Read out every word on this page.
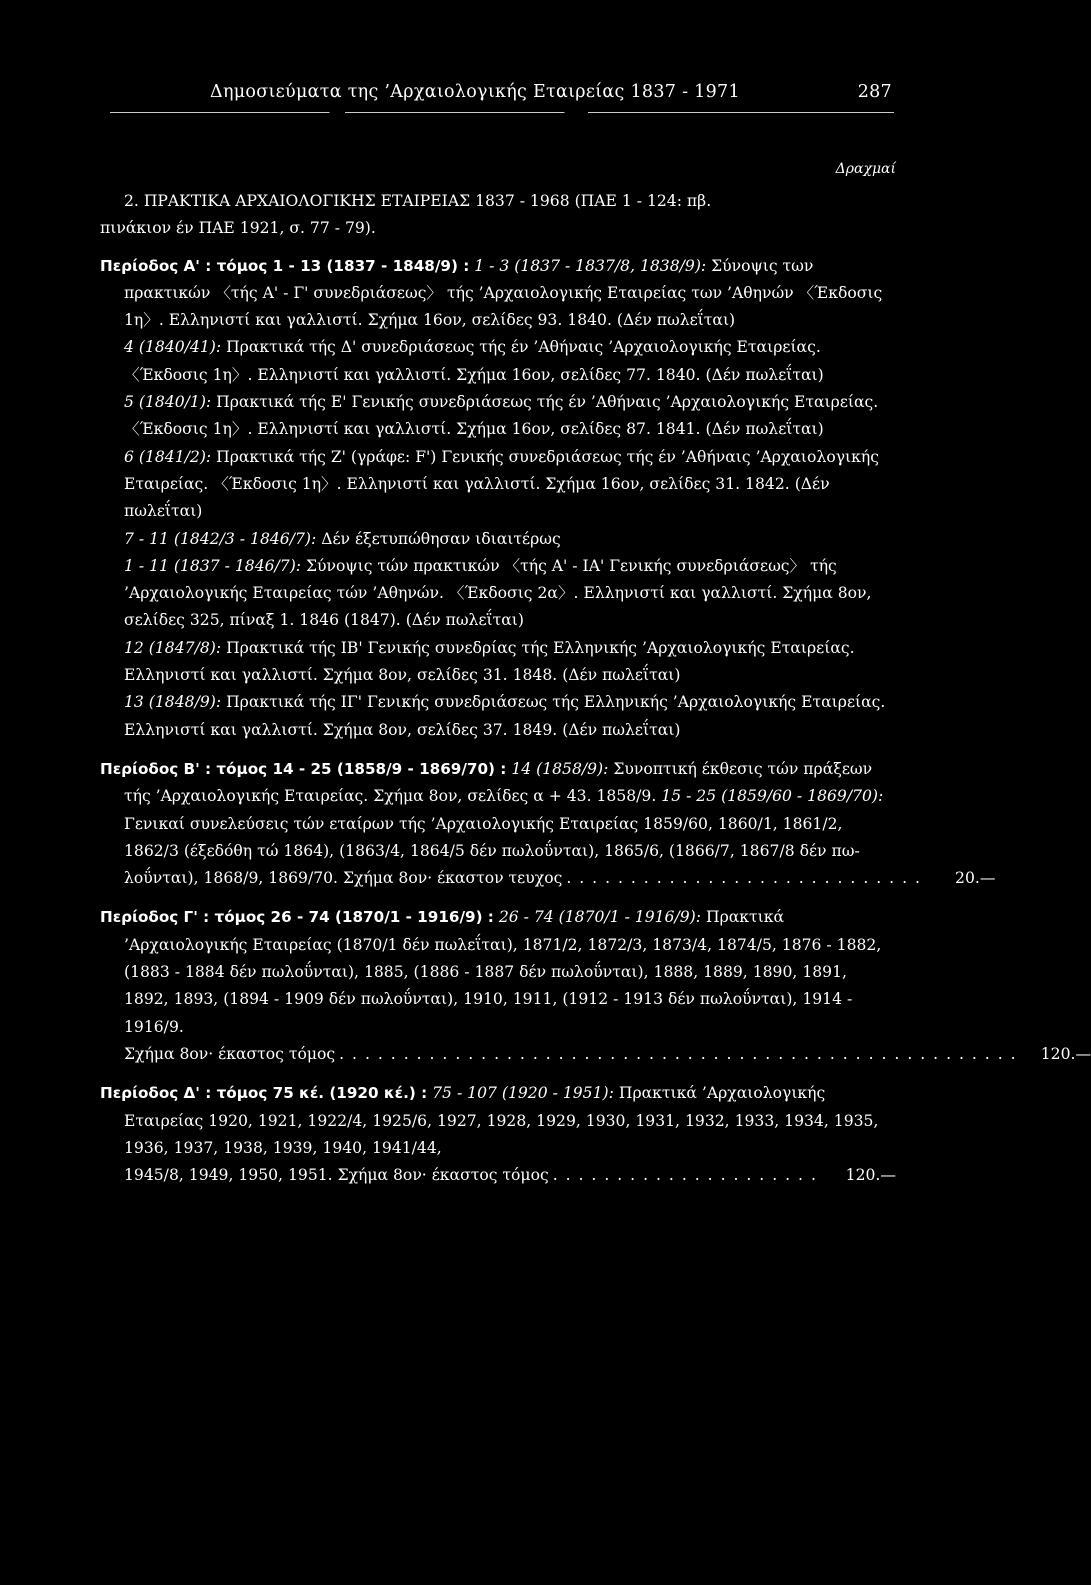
Δημοσιεύματα της ’Αρχαιολογικής Εταιρείας 1837 - 1971	287
Δραχμαί
2. ΠΡΑΚΤΙΚΑ ΑΡΧΑΙΟΛΟΓΙΚΗΣ ΕΤΑΙΡΕΙΑΣ 1837 - 1968 (ΠΑΕ 1 - 124: πβ.
πινάκιον έν ΠΑΕ 1921, σ. 77 - 79).
Περίοδος Α' : τόμος 1 - 13 (1837 - 1848/9) : 1 - 3 (1837 - 1837/8, 1838/9): Σύνοψις των πρακτικών 〈τής Α' - Γ' συνεδριάσεως〉 τής ’Αρχαιολογικής Εταιρείας των ’Αθηνών 〈Έκδοσις 1η〉. Ελληνιστί και γαλλιστί. Σχήμα 16ον, σελίδες 93. 1840. (Δέν πωλεΐται)
4 (1840/41): Πρακτικά τής Δ' συνεδριάσεως τής έν ’Αθήναις ’Αρχαιολογικής Εταιρείας. 〈Έκδοσις 1η〉. Ελληνιστί και γαλλιστί. Σχήμα 16ον, σελίδες 77. 1840. (Δέν πωλεΐται)
5 (1840/1): Πρακτικά τής Ε' Γενικής συνεδριάσεως τής έν ’Αθήναις ’Αρχαιολογικής Εταιρείας. 〈Έκδοσις 1η〉. Ελληνιστί και γαλλιστί. Σχήμα 16ον, σελίδες 87. 1841. (Δέν πωλεΐται)
6 (1841/2): Πρακτικά τής Ζ' (γράφε: F') Γενικής συνεδριάσεως τής έν ’Αθήναις ’Αρχαιολογικής Εταιρείας. 〈Έκδοσις 1η〉. Ελληνιστί και γαλλιστί. Σχήμα 16ον, σελίδες 31. 1842. (Δέν πωλεΐται)
7 - 11 (1842/3 - 1846/7): Δέν έξετυπώθησαν ιδιαιτέρως
1 - 11 (1837 - 1846/7): Σύνοψις τών πρακτικών 〈τής Α' - ΙΑ' Γενικής συνεδριάσεως〉 τής ’Αρχαιολογικής Εταιρείας τών ’Αθηνών. 〈Έκδοσις 2α〉. Ελληνιστί και γαλλιστί. Σχήμα 8ον, σελίδες 325, πίναξ 1. 1846 (1847). (Δέν πωλεΐται)
12 (1847/8): Πρακτικά τής ΙΒ' Γενικής συνεδρίας τής Ελληνικής ’Αρχαιολογικής Εταιρείας. Ελληνιστί και γαλλιστί. Σχήμα 8ον, σελίδες 31. 1848. (Δέν πωλεΐται)
13 (1848/9): Πρακτικά τής ΙΓ' Γενικής συνεδριάσεως τής Ελληνικής ’Αρχαιολογικής Εταιρείας. Ελληνιστί και γαλλιστί. Σχήμα 8ον, σελίδες 37. 1849. (Δέν πωλεΐται)
Περίοδος Β' : τόμος 14 - 25 (1858/9 - 1869/70) : 14 (1858/9): Συνοπτική έκθεσις τών πράξεων τής ’Αρχαιολογικής Εταιρείας. Σχήμα 8ον, σελίδες α + 43. 1858/9. 15 - 25 (1859/60 - 1869/70): Γενικαί συνελεύσεις τών εταίρων τής ’Αρχαιολογικής Εταιρείας 1859/60, 1860/1, 1861/2, 1862/3 (έξεδόθη τώ 1864), (1863/4, 1864/5 δέν πωλοΰνται), 1865/6, (1866/7, 1867/8 δέν πω-
λοΰνται), 1868/9, 1869/70. Σχήμα 8ον· έκαστον τευχος . . . . . . . . . . . . . . . . . . . . . . . . . . . .	20.—
Περίοδος Γ' : τόμος 26 - 74 (1870/1 - 1916/9) : 26 - 74 (1870/1 - 1916/9): Πρακτικά ’Αρχαιολογικής Εταιρείας (1870/1 δέν πωλεΐται), 1871/2, 1872/3, 1873/4, 1874/5, 1876 - 1882, (1883 - 1884 δέν πωλοΰνται), 1885, (1886 - 1887 δέν πωλοΰνται), 1888, 1889, 1890, 1891, 1892, 1893, (1894 - 1909 δέν πωλοΰνται), 1910, 1911, (1912 - 1913 δέν πωλοΰνται), 1914 - 1916/9.
Σχήμα 8ον· έκαστος τόμος . . . . . . . . . . . . . . . . . . . . . . . . . . . . . . . . . . . . . . . . . . . . . . . . . . . . .	120.—
Περίοδος Δ' : τόμος 75 κέ. (1920 κέ.) : 75 - 107 (1920 - 1951): Πρακτικά ’Αρχαιολογικής Εταιρείας 1920, 1921, 1922/4, 1925/6, 1927, 1928, 1929, 1930, 1931, 1932, 1933, 1934, 1935, 1936, 1937, 1938, 1939, 1940, 1941/44,
1945/8, 1949, 1950, 1951. Σχήμα 8ον· έκαστος τόμος . . . . . . . . . . . . . . . . . . . . .	120.—
